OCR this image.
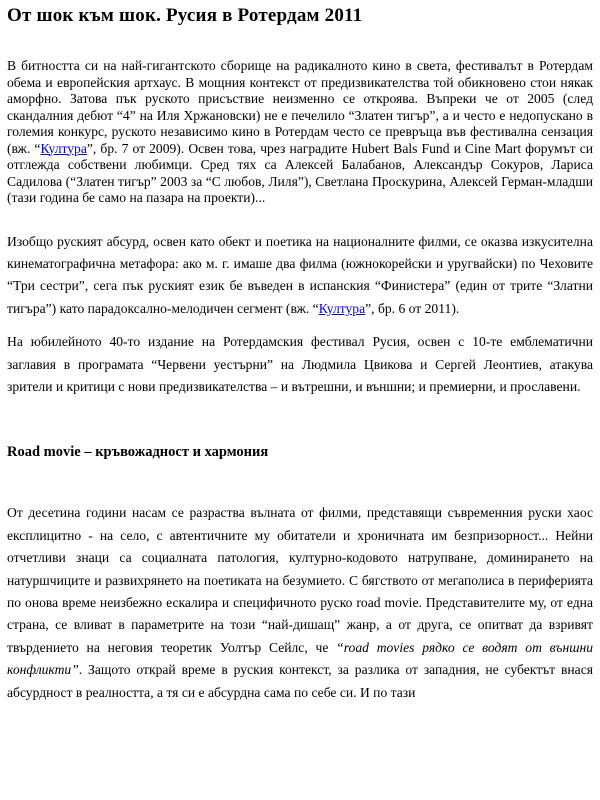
От шок към шок. Русия в Ротердам 2011

В битността си на най-гигантското сборище на радикалното кино в света, фестивалът в Ротердам обема и европейския артхаус. В мощния контекст от предизвикателства той обикновено стои някак аморфно. Затова пък руското присъствие неизменно се откроява. Въпреки че от 2005 (след скандалния дебют “4” на Иля Хржановски) не е печелило “Златен тигър”, а и често е недопускано в големия конкурс, руското независимо кино в Ротердам често се превръща във фестивална сензация (вж. “Култура”, бр. 7 от 2009). Освен това, чрез наградите Hubert Bals Fund и Cine Mart форумът си отглежда собствени любимци. Сред тях са Алексей Балабанов, Александър Сокуров, Лариса Садилова (“Златен тигър” 2003 за “С любов, Лиля”), Светлана Проскурина, Алексей Герман-младши (тази година бе само на пазара на проекти)...

Изобщо руският абсурд, освен като обект и поетика на националните филми, се оказва изкусителна кинематографична метафора: ако м. г. имаше два филма (южнокорейски и уругвайски) по Чеховите “Три сестри”, сега пък руският език бе въведен в испанския “Финистера” (един от трите “Златни тигъра”) като парадоксално-мелодичен сегмент (вж. “Култура”, бр. 6 от 2011).

На юбилейното 40-то издание на Ротердамския фестивал Русия, освен с 10-те емблематични заглавия в програмата “Червени уестърни” на Людмила Цвикова и Сергей Леонтиев, атакува зрители и критици с нови предизвикателства – и вътрешни, и външни; и премиерни, и прославени.

Road movie – кръвожадност и хармония

От десетина години насам се разраства вълната от филми, представящи съвременния руски хаос експлицитно - на село, с автентичните му обитатели и хроничната им безпризорност... Нейни отчетливи знаци са социалната патология, културно-кодовото натрупване, доминирането на натуршчиците и развихрянето на поетиката на безумието. С бягството от мегаполиса в периферията по онова време неизбежно ескалира и специфичното руско road movie. Представителите му, от една страна, се вливат в параметрите на този “най-дишащ” жанр, а от друга, се опитват да взривят твърдението на неговия теоретик Уолтър Сейлс, че “road movies рядко се водят от външни конфликти”. Защото открай време в руския контекст, за разлика от западния, не субектът внася абсурдност в реалността, а тя си е абсурдна сама по себе си. И по тази
